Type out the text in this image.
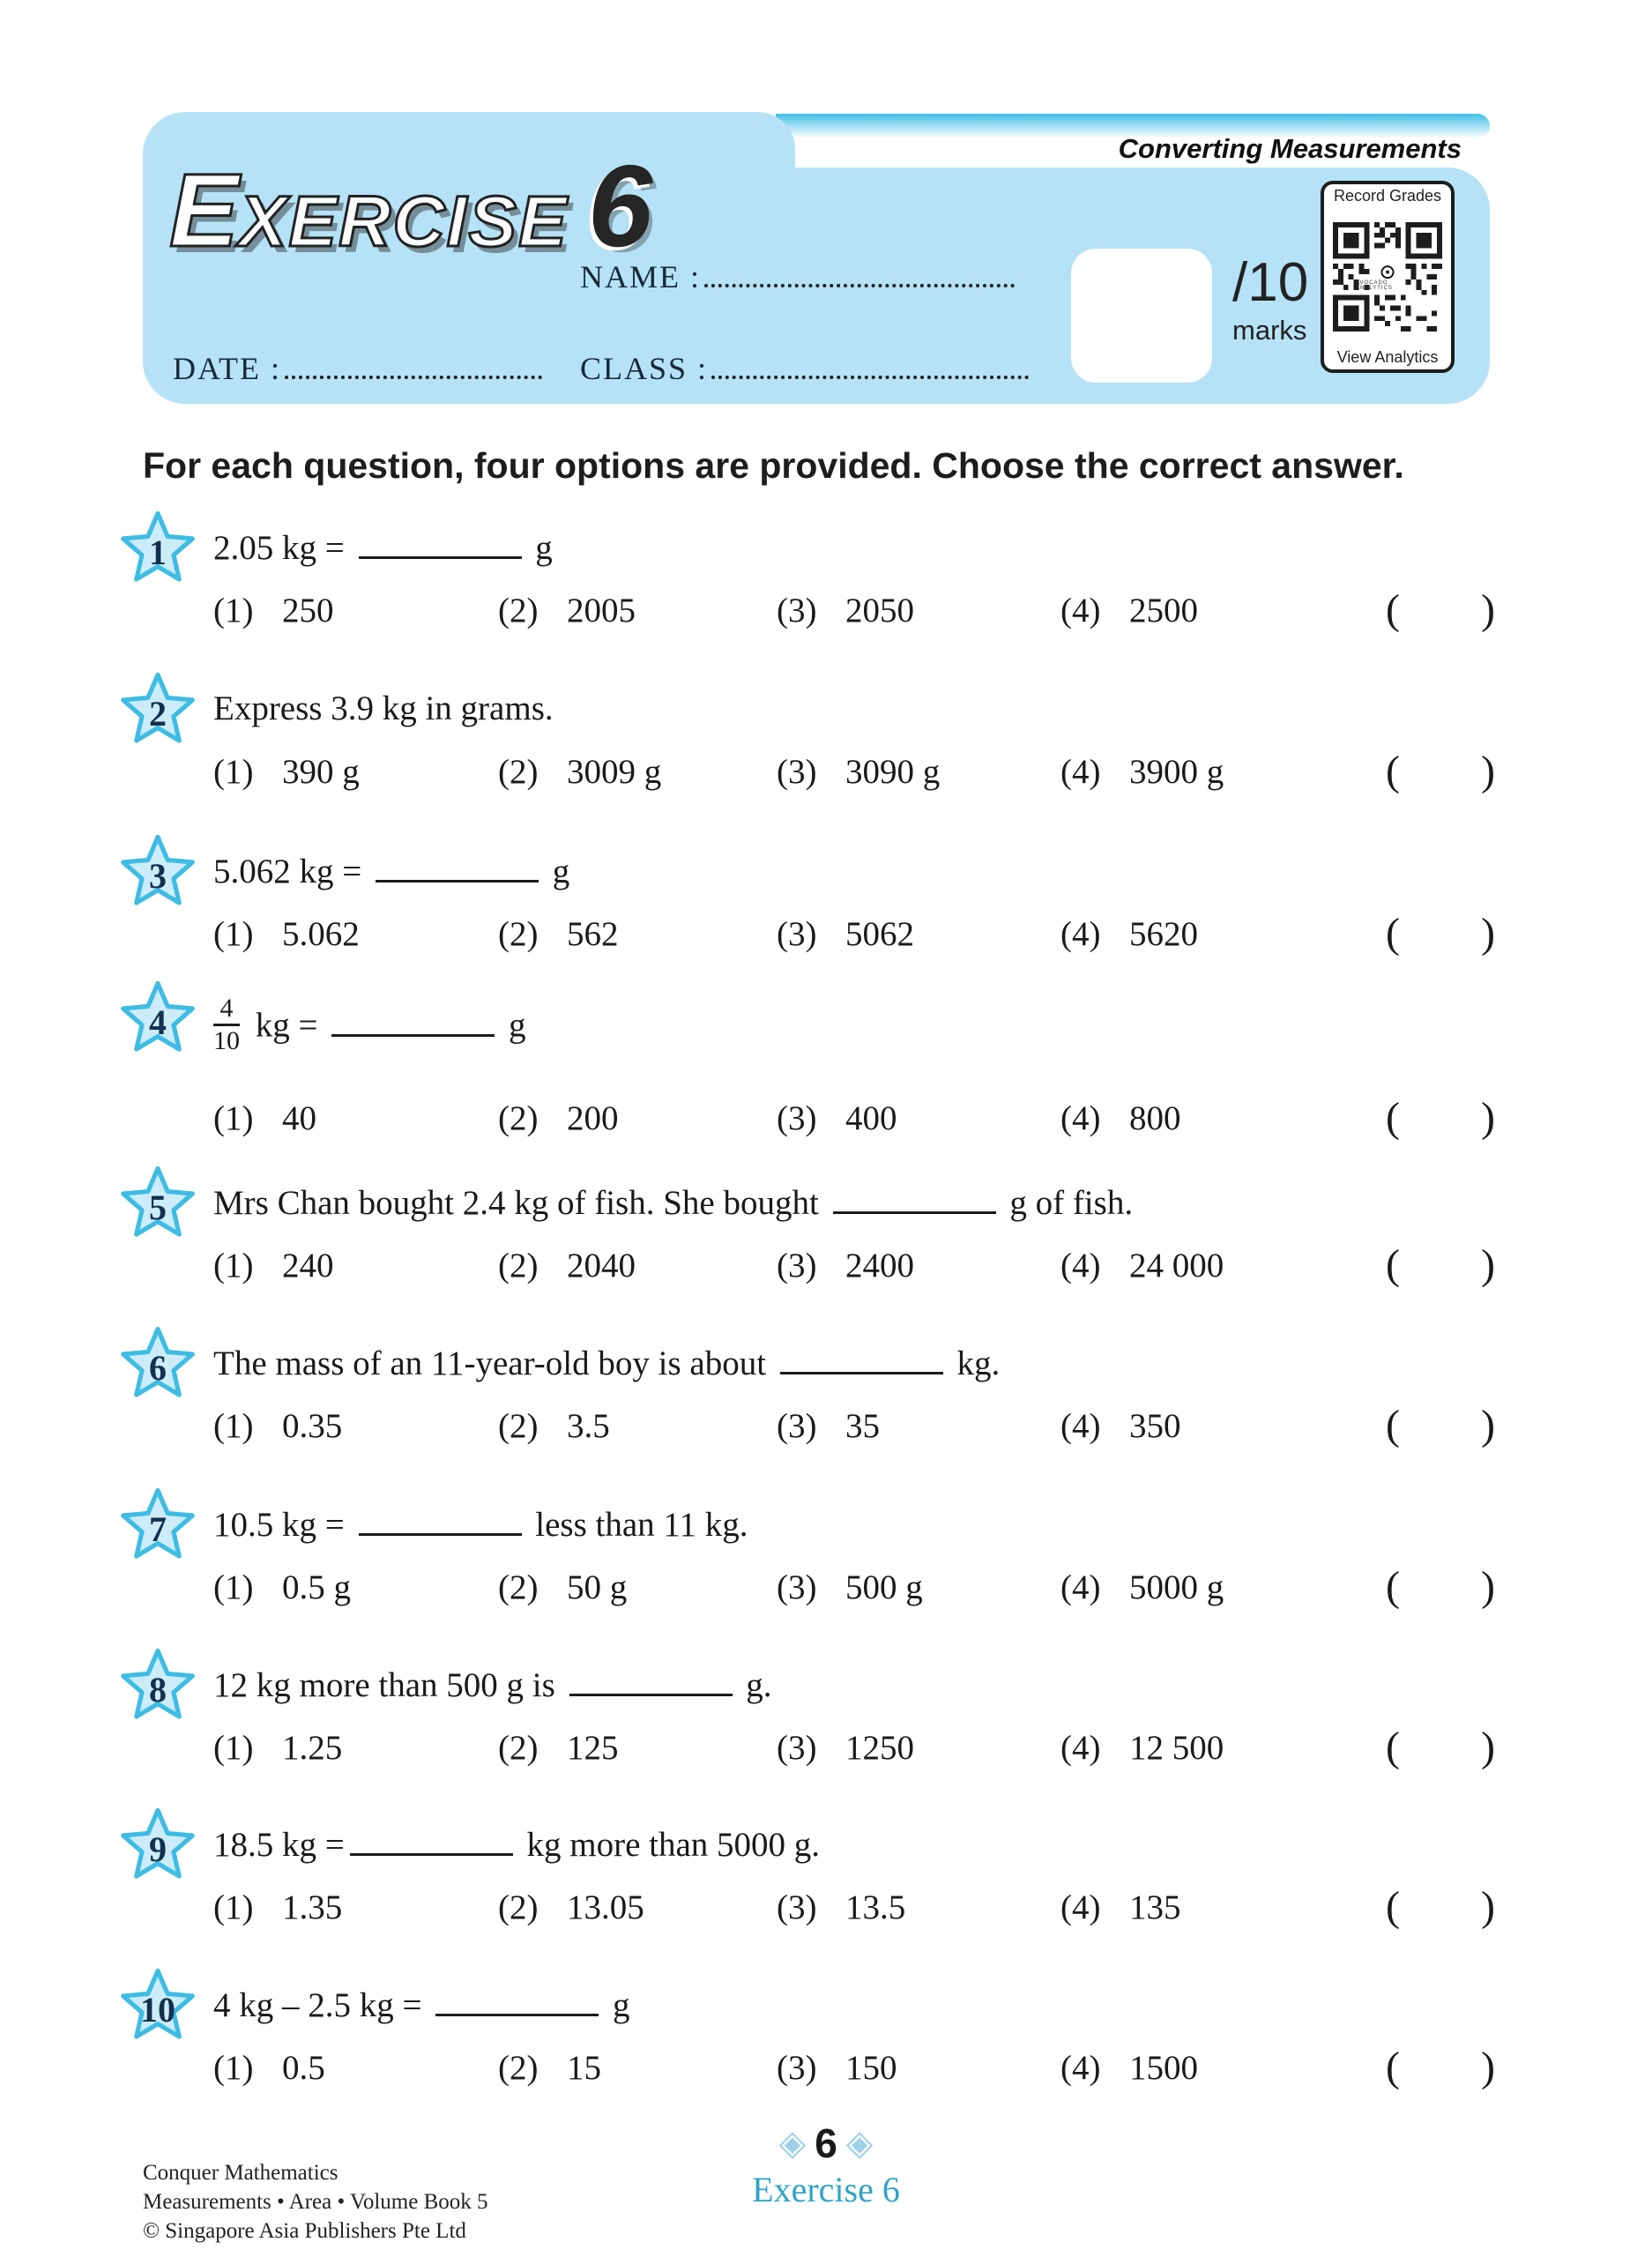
Converting Measurements
EXERCISE 6
NAME :
DATE :	CLASS :
/10
marks
Record Grades
AVOCADO ANALYTICS
View Analytics
For each question, four options are provided. Choose the correct answer.
1	2.05 kg =	g
(1) 250	(2) 2005	(3) 2050	(4) 2500	( )
2	Express 3.9 kg in grams.
(1) 390 g	(2) 3009 g	(3) 3090 g	(4) 3900 g	( )
3	5.062 kg =	g
(1) 5.062	(2) 562	(3) 5062	(4) 5620	( )
4	$\frac{4}{10}$ kg =	g
(1) 40	(2) 200	(3) 400	(4) 800	( )
5	Mrs Chan bought 2.4 kg of fish. She bought	g of fish.
(1) 240	(2) 2040	(3) 2400	(4) 24 000	( )
6	The mass of an 11-year-old boy is about	kg.
(1) 0.35	(2) 3.5	(3) 35	(4) 350	( )
7	10.5 kg =	less than 11 kg.
(1) 0.5 g	(2) 50 g	(3) 500 g	(4) 5000 g	( )
8	12 kg more than 500 g is	g.
(1) 1.25	(2) 125	(3) 1250	(4) 12 500	( )
9	18.5 kg =	kg more than 5000 g.
(1) 1.35	(2) 13.05	(3) 13.5	(4) 135	( )
10	4 kg – 2.5 kg =	g
(1) 0.5	(2) 15	(3) 150	(4) 1500	( )
Conquer Mathematics
Measurements • Area • Volume Book 5
© Singapore Asia Publishers Pte Ltd
◈ 6 ◈
Exercise 6
